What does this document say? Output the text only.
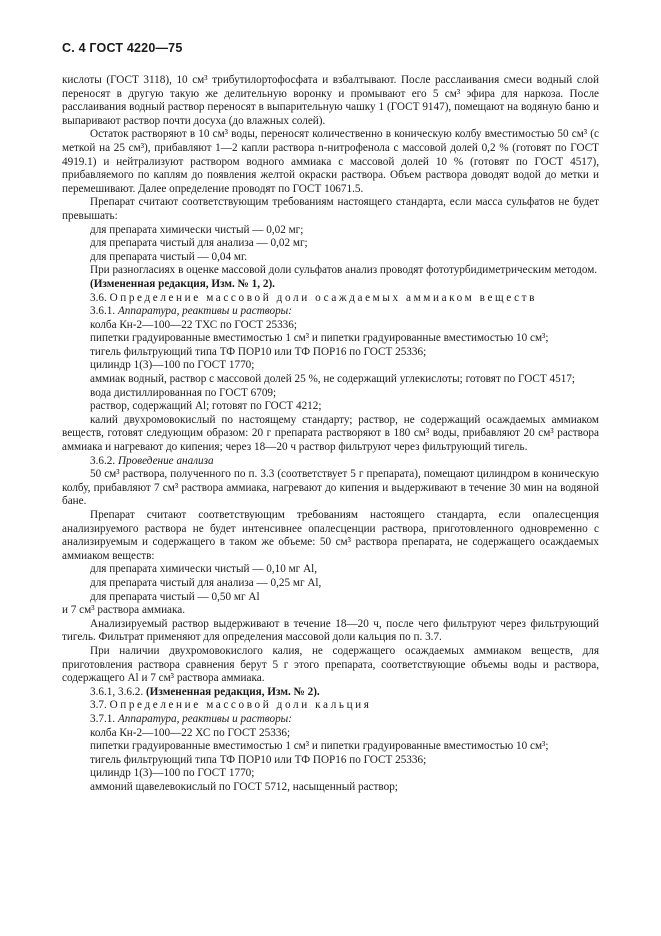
С. 4 ГОСТ 4220—75

кислоты (ГОСТ 3118), 10 см³ трибутилортофосфата и взбалтывают. После расслаивания смеси водный слой переносят в другую такую же делительную воронку и промывают его 5 см³ эфира для наркоза. После расслаивания водный раствор переносят в выпарительную чашку 1 (ГОСТ 9147), помещают на водяную баню и выпаривают раствор почти досуха (до влажных солей).

Остаток растворяют в 10 см³ воды, переносят количественно в коническую колбу вместимостью 50 см³ (с меткой на 25 см³), прибавляют 1—2 капли раствора n-нитрофенола с массовой долей 0,2 % (готовят по ГОСТ 4919.1) и нейтрализуют раствором водного аммиака с массовой долей 10 % (готовят по ГОСТ 4517), прибавляемого по каплям до появления желтой окраски раствора. Объем раствора доводят водой до метки и перемешивают. Далее определение проводят по ГОСТ 10671.5.

Препарат считают соответствующим требованиям настоящего стандарта, если масса сульфатов не будет превышать:

для препарата химически чистый — 0,02 мг;

для препарата чистый для анализа — 0,02 мг;

для препарата чистый — 0,04 мг.

При разногласиях в оценке массовой доли сульфатов анализ проводят фототурбидиметрическим методом.

(Измененная редакция, Изм. № 1, 2).

3.6. Определение массовой доли осаждаемых аммиаком веществ

3.6.1. Аппаратура, реактивы и растворы:

колба Кн-2—100—22 ТХС по ГОСТ 25336;

пипетки градуированные вместимостью 1 см³ и пипетки градуированные вместимостью 10 см³;

тигель фильтрующий типа ТФ ПОР10 или ТФ ПОР16 по ГОСТ 25336;

цилиндр 1(3)—100 по ГОСТ 1770;

аммиак водный, раствор с массовой долей 25 %, не содержащий углекислоты; готовят по ГОСТ 4517;

вода дистиллированная по ГОСТ 6709;

раствор, содержащий Al; готовят по ГОСТ 4212;

калий двухромовокислый по настоящему стандарту; раствор, не содержащий осаждаемых аммиаком веществ, готовят следующим образом: 20 г препарата растворяют в 180 см³ воды, прибавляют 20 см³ раствора аммиака и нагревают до кипения; через 18—20 ч раствор фильтруют через фильтрующий тигель.

3.6.2. Проведение анализа

50 см³ раствора, полученного по п. 3.3 (соответствует 5 г препарата), помещают цилиндром в коническую колбу, прибавляют 7 см³ раствора аммиака, нагревают до кипения и выдерживают в течение 30 мин на водяной бане.

Препарат считают соответствующим требованиям настоящего стандарта, если опалесценция анализируемого раствора не будет интенсивнее опалесценции раствора, приготовленного одновременно с анализируемым и содержащего в таком же объеме: 50 см³ раствора препарата, не содержащего осаждаемых аммиаком веществ:

для препарата химически чистый — 0,10 мг Al,

для препарата чистый для анализа — 0,25 мг Al,

для препарата чистый — 0,50 мг Al

и 7 см³ раствора аммиака.

Анализируемый раствор выдерживают в течение 18—20 ч, после чего фильтруют через фильтрующий тигель. Фильтрат применяют для определения массовой доли кальция по п. 3.7.

При наличии двухромовокислого калия, не содержащего осаждаемых аммиаком веществ, для приготовления раствора сравнения берут 5 г этого препарата, соответствующие объемы воды и раствора, содержащего Al и 7 см³ раствора аммиака.

3.6.1, 3.6.2. (Измененная редакция, Изм. № 2).

3.7. Определение массовой доли кальция

3.7.1. Аппаратура, реактивы и растворы:

колба Кн-2—100—22 ХС по ГОСТ 25336;

пипетки градуированные вместимостью 1 см³ и пипетки градуированные вместимостью 10 см³;

тигель фильтрующий типа ТФ ПОР10 или ТФ ПОР16 по ГОСТ 25336;

цилиндр 1(3)—100 по ГОСТ 1770;

аммоний щавелевокислый по ГОСТ 5712, насыщенный раствор;
